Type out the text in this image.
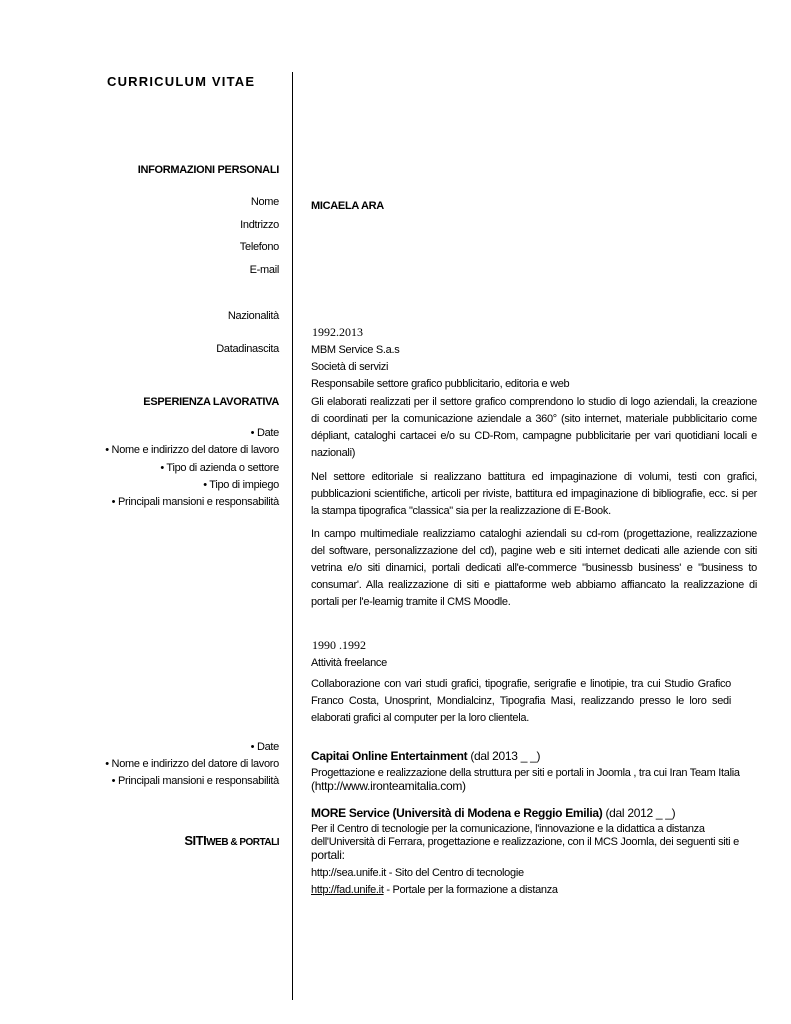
CURRICULUM VITAE
INFORMAZIONI PERSONALI
Nome
Indtrizzo
Telefono
E-mail
Nazionalità
Datadinascita
MICAELA ARA
ESPERIENZA LAVORATIVA
• Date
• Nome e indirizzo del datore di lavoro
• Tipo di azienda o settore
• Tipo di impiego
• Principali mansioni e responsabilità
1992.2013
MBM Service S.a.s
Società di servizi
Responsabile settore grafico pubblicitario, editoria e web
Gli elaborati realizzati per il settore grafico comprendono lo studio di logo aziendali, la creazione di coordinati per la comunicazione aziendale a 360° (sito internet, materiale pubblicitario come dépliant, cataloghi cartacei e/o su CD-Rom, campagne pubblicitarie per vari quotidiani locali e nazionali)
Nel settore editoriale si realizzano battitura ed impaginazione di volumi, testi con grafici, pubblicazioni scientifiche, articoli per riviste, battitura ed impaginazione di bibliografie, ecc. si per la stampa tipografica "classica" sia per la realizzazione di E-Book.
In campo multimediale realizziamo cataloghi aziendali su cd-rom (progettazione, realizzazione del software, personalizzazione del cd), pagine web e siti internet dedicati alle aziende con siti vetrina e/o siti dinamici, portali dedicati all'e-commerce "businessb business' e "business to consumar'. Alla realizzazione di siti e piattaforme web abbiamo affiancato la realizzazione di portali per l'e-leamig tramite il CMS Moodle.
1990 .1992
Attività freelance
Collaborazione con vari studi grafici, tipografie, serigrafie e linotipie, tra cui Studio Grafico Franco Costa, Unosprint, Mondialcinz, Tipografia Masi, realizzando presso le loro sedi elaborati grafici al computer per la loro clientela.
• Date
• Nome e indirizzo del datore di lavoro
• Principali mansioni e responsabilità
SITIWEB & PORTALI
Capitai Online Entertainment (dal 2013 _ _)
Progettazione e realizzazione della struttura per siti e portali in Joomla , tra cui Iran Team Italia
(http://www.ironteamitalia.com)
MORE Service (Università di Modena e Reggio Emilia) (dal 2012 _ _)
Per il Centro di tecnologie per la comunicazione, l'innovazione e la didattica a distanza
dell'Università di Ferrara, progettazione e realizzazione, con il MCS Joomla, dei seguenti siti e
portali:
http://sea.unife.it - Sito del Centro di tecnologie
http://fad.unife.it - Portale per la formazione a distanza
